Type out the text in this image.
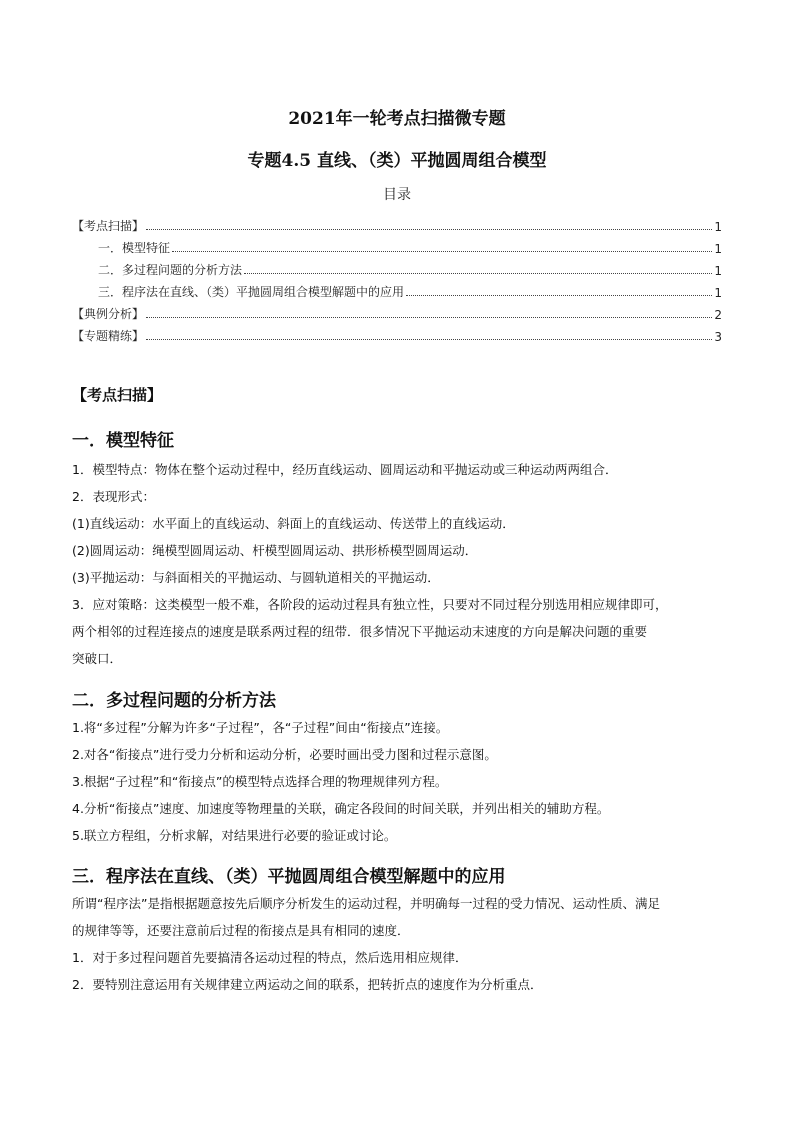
2021年一轮考点扫描微专题
专题4.5 直线、（类）平抛圆周组合模型
目录
【考点扫描】	1
一．模型特征	1
二．多过程问题的分析方法	1
三．程序法在直线、（类）平抛圆周组合模型解题中的应用	1
【典例分析】	2
【专题精练】	3
【考点扫描】
一．模型特征
1．模型特点：物体在整个运动过程中，经历直线运动、圆周运动和平抛运动或三种运动两两组合．
2．表现形式：
(1)直线运动：水平面上的直线运动、斜面上的直线运动、传送带上的直线运动．
(2)圆周运动：绳模型圆周运动、杆模型圆周运动、拱形桥模型圆周运动．
(3)平抛运动：与斜面相关的平抛运动、与圆轨道相关的平抛运动．
3．应对策略：这类模型一般不难，各阶段的运动过程具有独立性，只要对不同过程分别选用相应规律即可，
两个相邻的过程连接点的速度是联系两过程的纽带．很多情况下平抛运动末速度的方向是解决问题的重要
突破口．
二．多过程问题的分析方法
1.将“多过程”分解为许多“子过程”，各“子过程”间由“衔接点”连接。
2.对各“衔接点”进行受力分析和运动分析，必要时画出受力图和过程示意图。
3.根据“子过程”和“衔接点”的模型特点选择合理的物理规律列方程。
4.分析“衔接点”速度、加速度等物理量的关联，确定各段间的时间关联，并列出相关的辅助方程。
5.联立方程组，分析求解，对结果进行必要的验证或讨论。
三．程序法在直线、（类）平抛圆周组合模型解题中的应用
所谓“程序法”是指根据题意按先后顺序分析发生的运动过程，并明确每一过程的受力情况、运动性质、满足
的规律等等，还要注意前后过程的衔接点是具有相同的速度．
1．对于多过程问题首先要搞清各运动过程的特点，然后选用相应规律．
2．要特别注意运用有关规律建立两运动之间的联系，把转折点的速度作为分析重点．
